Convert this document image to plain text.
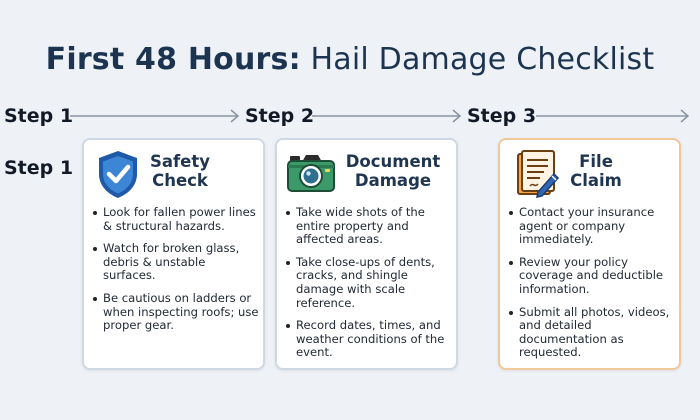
First 48 Hours: Hail Damage Checklist
Step 1	Step 2	Step 3
Step 1	Safety
Check
Look for fallen power lines & structural hazards.
Watch for broken glass, debris & unstable surfaces.
Be cautious on ladders or when inspecting roofs; use proper gear.
Document
Damage
Take wide shots of the entire property and affected areas.
Take close-ups of dents, cracks, and shingle damage with scale reference.
Record dates, times, and weather conditions of the event.
File
Claim
Contact your insurance agent or company immediately.
Review your policy coverage and deductible information.
Submit all photos, videos, and detailed documentation as requested.
